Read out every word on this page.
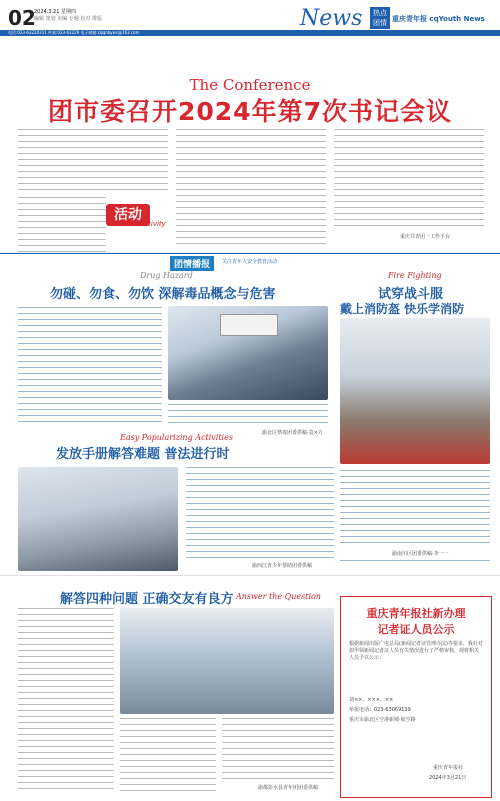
02
2024.3.21 星期四
编辑 策划 美编 专题 校对 排版
电话:023-63220311 传真:023-63229 电子邮箱:cqqnbywc@163.com
News	热点
团情 重庆青年报 cqYouth News
The Conference
团市委召开2024年第7次书记会议
活动
activity
重庆共青团一工作平台
团情播报	关注青年人安全教育活动
Drug Hazard
勿碰、勿食、勿饮 深解毒品概念与危害
渝北区禁毒团委供稿·袁×力
Fire Fighting
试穿战斗服
戴上消防盔 快乐学消防
渝南川区团委供稿·李一一
Easy Popularizing Activities
发放手册解答难题 普法进行时
渝西江青少年帮助团委供稿
解答四种问题 正确交友有良方 Answer the Question
渝都彭水县青年团团委供稿
重庆青年报社新办理
记者证人员公示
根据新闻出版广电总局(新闻记者证管理办法)等要求，我社对拟申领新闻记者证人员有关情况进行了严格审核，现将相关人员予以公示：
刘××、×××、××
举报电话：023-63069139
重庆市渝北区空港新城·航空路
重庆青年报社
2024年3月21日
